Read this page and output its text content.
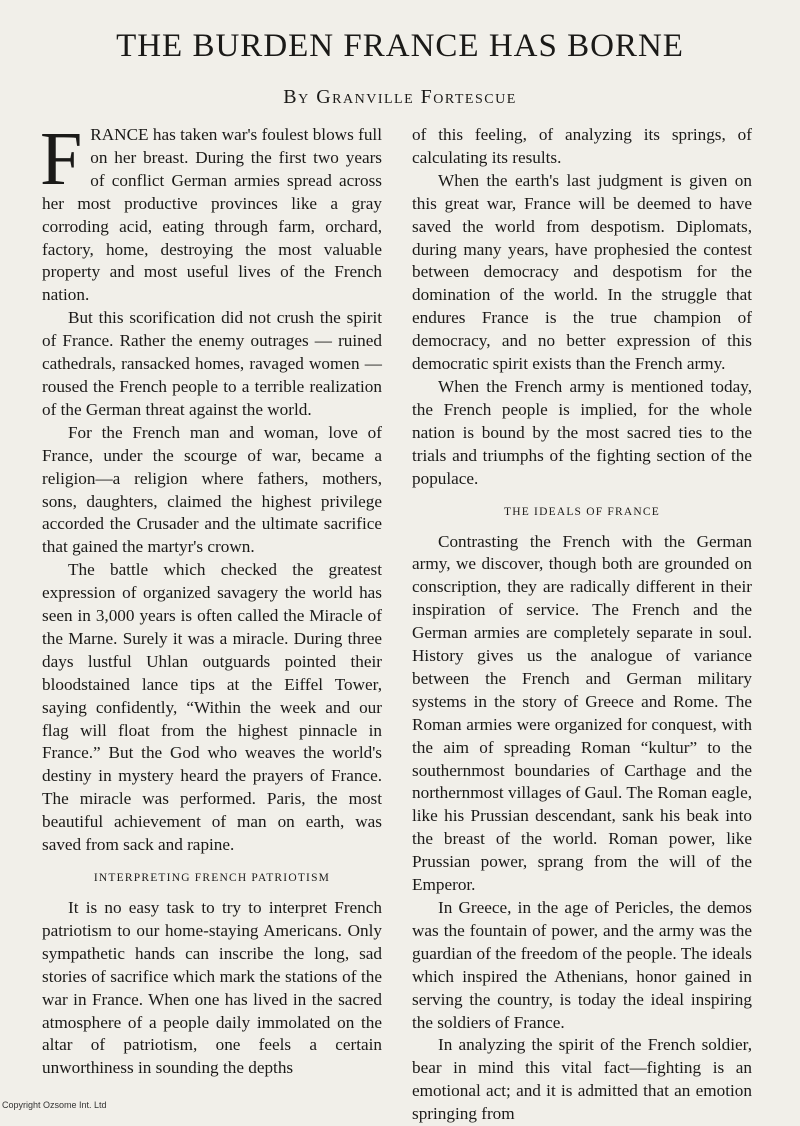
THE BURDEN FRANCE HAS BORNE
By Granville Fortescue

FRANCE has taken war's foulest blows full on her breast. During the first two years of conflict German armies spread across her most productive provinces like a gray corroding acid, eating through farm, orchard, factory, home, destroying the most valuable property and most useful lives of the French nation.

But this scorification did not crush the spirit of France. Rather the enemy outrages — ruined cathedrals, ransacked homes, ravaged women — roused the French people to a terrible realization of the German threat against the world.

For the French man and woman, love of France, under the scourge of war, became a religion—a religion where fathers, mothers, sons, daughters, claimed the highest privilege accorded the Crusader and the ultimate sacrifice that gained the martyr's crown.

The battle which checked the greatest expression of organized savagery the world has seen in 3,000 years is often called the Miracle of the Marne. Surely it was a miracle. During three days lustful Uhlan outguards pointed their bloodstained lance tips at the Eiffel Tower, saying confidently, “Within the week and our flag will float from the highest pinnacle in France.” But the God who weaves the world's destiny in mystery heard the prayers of France. The miracle was performed. Paris, the most beautiful achievement of man on earth, was saved from sack and rapine.

INTERPRETING FRENCH PATRIOTISM

It is no easy task to try to interpret French patriotism to our home-staying Americans. Only sympathetic hands can inscribe the long, sad stories of sacrifice which mark the stations of the war in France. When one has lived in the sacred atmosphere of a people daily immolated on the altar of patriotism, one feels a certain unworthiness in sounding the depths

of this feeling, of analyzing its springs, of calculating its results.

When the earth's last judgment is given on this great war, France will be deemed to have saved the world from despotism. Diplomats, during many years, have prophesied the contest between democracy and despotism for the domination of the world. In the struggle that endures France is the true champion of democracy, and no better expression of this democratic spirit exists than the French army.

When the French army is mentioned today, the French people is implied, for the whole nation is bound by the most sacred ties to the trials and triumphs of the fighting section of the populace.

THE IDEALS OF FRANCE

Contrasting the French with the German army, we discover, though both are grounded on conscription, they are radically different in their inspiration of service. The French and the German armies are completely separate in soul. History gives us the analogue of variance between the French and German military systems in the story of Greece and Rome. The Roman armies were organized for conquest, with the aim of spreading Roman “kultur” to the southernmost boundaries of Carthage and the northernmost villages of Gaul. The Roman eagle, like his Prussian descendant, sank his beak into the breast of the world. Roman power, like Prussian power, sprang from the will of the Emperor.

In Greece, in the age of Pericles, the demos was the fountain of power, and the army was the guardian of the freedom of the people. The ideals which inspired the Athenians, honor gained in serving the country, is today the ideal inspiring the soldiers of France.

In analyzing the spirit of the French soldier, bear in mind this vital fact—fighting is an emotional act; and it is admitted that an emotion springing from

Copyright Ozsome Int. Ltd
